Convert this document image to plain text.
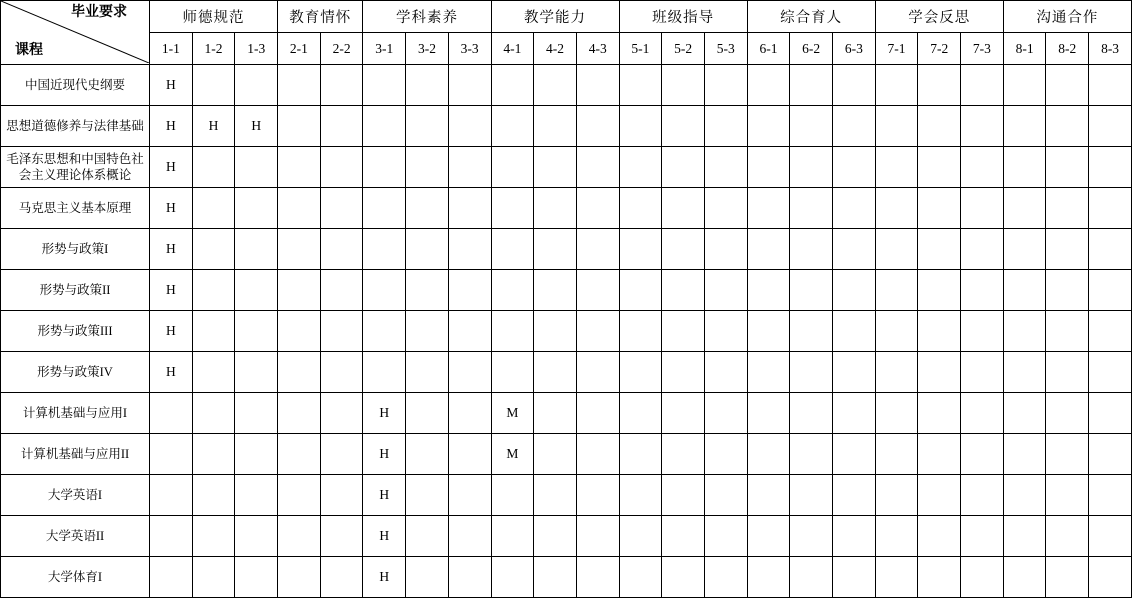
毕业要求
课程	师德规范			教育情怀		学科素养			教学能力			班级指导			综合育人			学会反思			沟通合作		
	1-1	1-2	1-3	2-1	2-2	3-1	3-2	3-3	4-1	4-2	4-3	5-1	5-2	5-3	6-1	6-2	6-3	7-1	7-2	7-3	8-1	8-2	8-3
中国近现代史纲要	H																						
思想道德修养与法律基础	H	H	H																				
毛泽东思想和中国特色社会主义理论体系概论	H																						
马克思主义基本原理	H																						
形势与政策I	H																						
形势与政策II	H																						
形势与政策III	H																						
形势与政策IV	H																						
计算机基础与应用I						H			M														
计算机基础与应用II						H			M														
大学英语I						H																	
大学英语II						H																	
大学体育I						H																	
